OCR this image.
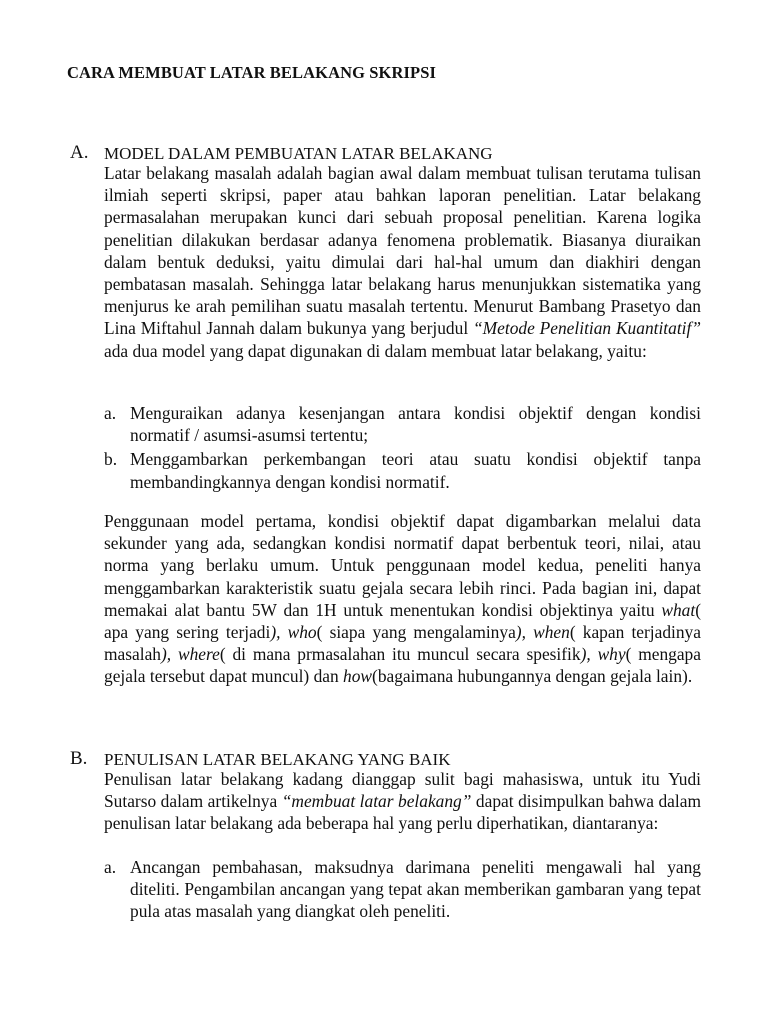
CARA MEMBUAT LATAR BELAKANG SKRIPSI
A. MODEL DALAM PEMBUATAN LATAR BELAKANG

Latar belakang masalah adalah bagian awal dalam membuat tulisan terutama tulisan ilmiah seperti skripsi, paper atau bahkan laporan penelitian. Latar belakang permasalahan merupakan kunci dari sebuah proposal penelitian. Karena logika penelitian dilakukan berdasar adanya fenomena problematik. Biasanya diuraikan dalam bentuk deduksi, yaitu dimulai dari hal-hal umum dan diakhiri dengan pembatasan masalah. Sehingga latar belakang harus menunjukkan sistematika yang menjurus ke arah pemilihan suatu masalah tertentu. Menurut Bambang Prasetyo dan Lina Miftahul Jannah dalam bukunya yang berjudul “Metode Penelitian Kuantitatif” ada dua model yang dapat digunakan di dalam membuat latar belakang, yaitu:

a. Menguraikan adanya kesenjangan antara kondisi objektif dengan kondisi normatif / asumsi-asumsi tertentu;
b. Menggambarkan perkembangan teori atau suatu kondisi objektif tanpa membandingkannya dengan kondisi normatif.

Penggunaan model pertama, kondisi objektif dapat digambarkan melalui data sekunder yang ada, sedangkan kondisi normatif dapat berbentuk teori, nilai, atau norma yang berlaku umum. Untuk penggunaan model kedua, peneliti hanya menggambarkan karakteristik suatu gejala secara lebih rinci. Pada bagian ini, dapat memakai alat bantu 5W dan 1H untuk menentukan kondisi objektinya yaitu what( apa yang sering terjadi), who( siapa yang mengalaminya), when( kapan terjadinya masalah), where( di mana prmasalahan itu muncul secara spesifik), why( mengapa gejala tersebut dapat muncul) dan how(bagaimana hubungannya dengan gejala lain).

B. PENULISAN LATAR BELAKANG YANG BAIK

Penulisan latar belakang kadang dianggap sulit bagi mahasiswa, untuk itu Yudi Sutarso dalam artikelnya “membuat latar belakang” dapat disimpulkan bahwa dalam penulisan latar belakang ada beberapa hal yang perlu diperhatikan, diantaranya:

a. Ancangan pembahasan, maksudnya darimana peneliti mengawali hal yang diteliti. Pengambilan ancangan yang tepat akan memberikan gambaran yang tepat pula atas masalah yang diangkat oleh peneliti.
